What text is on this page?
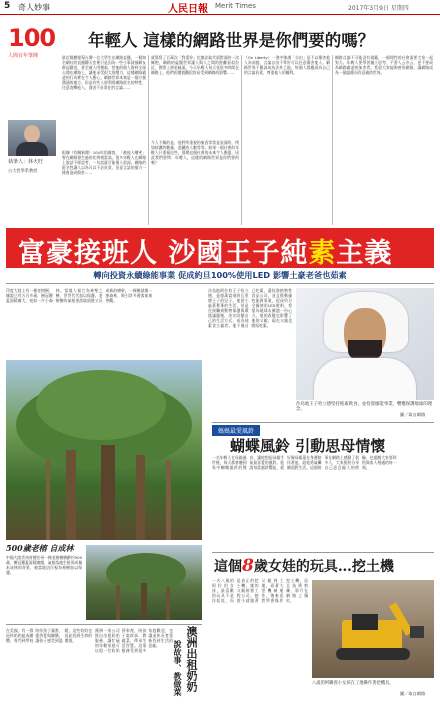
5 奇人妙事	人民日報 Merit Times	2017年3月9日 星期四
100
人間百年筆陣
年輕人 這樣的網路世界是你們要的嗎？
執筆人：林火旺
台大哲學系教授
最近媒體報導台灣一位大學生在網路直播，一個知名網紅的直播聊天室裡只是因為一些小事就被網友群起圍攻，甚至被人肉搜索，把他的個人資料全部公開在網路上，讓他承受很大的壓力，這種網路霸凌的行為實在令人擔心。網路世界本來是一個方便溝通的地方，但是有些人卻利用網路匿名的特性，任意攻擊他人，發表不負責任的言論……
根據（有關新聞）104年的調查，「被他人嘲笑」曾在網路發生過的比例相當高，很多年輕人在網路上說話不經思考，一句話就可能傷人很深。網路的匿名性讓人以為可以不必負責，但是言語的暴力一樣會造成傷害……
就算寫了百萬次「我愛你」也無法取代面對面的一次擁抱，網路的虛擬世界讓人與人之間的距離看似拉近，實際上卻更疏遠。今天年輕人每天花很多時間在網路上，他們的價值觀很容易受到網路的影響……
今人不解的是，他們所重視的東西常常是表面的，例如按讚的數量、追蹤的人數等等。如果一個社會的年輕人只重視這些，那麼這個社會的未來令人擔憂。因此我們要問：年輕人，這樣的網路世界是你們要的嗎？
（On Liberty）一書中強調「自由」是不以傷害他人為前提，言論自由不等於可以任意傷害他人。網路世界不應該成為法外之地，每個人都應該為自己的言論負責，尊重他人的權利。
網路言論不可能沒有規範，一個理性的社會需要大家一起努力。年輕人要學習獨立思考，不要人云亦云，更不要成為網路霸凌的加害者。希望大家能夠善用網路，讓網路成為一個溫暖而有意義的世界。
富豪接班人 沙國王子純素主義
轉向投資永續綠能事業 促成約旦100%使用LED 影響土豪老爸也茹素
印度大陸上有一棵老榕樹，據說已有五百多歲，樹冠覆蓋面積廣大，宛如一片小森林。當地人視它為神聖之樹，世世代代加以保護。老榕樹的氣根垂落地面後又長成新的樹幹，一棵樹就像一座森林，吸引許多遊客前來參觀。
500歲老榕 自成林
中國大陸雲南省德宏州一棵老榕樹樹齡約500歲，樹冠覆蓋面積廣闊，氣根落地生根形成獨木成林的奇景，被當地居民視為神樹加以保護。
在美國，有一群退休奶奶組成團體，專門到學校陪伴孩子讀書，提供愛與關懷，讓孩子感受到溫暖，這些奶奶也因此找到生命的價值。
澳洲一家公司推出出租奶奶服務，讓忙碌的年輕家庭可以租一位奶奶到家裡，陪孩子說故事、教做菜，傳承生活智慧。這項服務受到很多家庭歡迎，也讓退休長者重新找到生活的意義。	澳洲出租奶奶
說故事、教做菜
沙烏地阿拉伯王子哈立德，是億萬富豪阿瓦里德王子的兒子。他從小過著奢華的生活，但是在接觸到動物保護與環境議題後，決定改變自己的生活方式，成為純素食主義者。他不僅自己吃素，還投資植物性食品公司，並且推動綠色能源事業，促成約旦全國使用LED照明，希望為地球永續盡一份心力。他的改變也影響了他的父親，現在父親也開始吃素。
沙烏地王子哈立德堅持純素飲食，並投資綠能事業，響應保護地球的理念。
圖／取自網路
媽媽最愛風鈴
蝴蝶風鈴 引動思母情懷
一名年輕人在母親過世後，每天都會聽到家中蝴蝶風鈴的聲音，讓他想起母親生前最喜愛的風鈴。他說每當風鈴響起，就好像母親還在身邊陪伴著他，給他勇氣繼續面對生活。這個故事在網路上感動了很多人，大家紛紛分享自己思念親人的經驗，也提醒大家要珍惜與家人相處的每一刻。
這個8歲女娃的玩具…挖土機
一名八歲的阿拉伯女孩，最喜歡的玩具不是洋娃娃，而是真正的挖土機。她的父親經營工程公司，她從小就跟著父親到工地，看著大型機械運作，後來竟然學會操作挖土機，而且技術熟練，影片在網路上爆紅。
八歲的阿聯酋小女孩在工地操作著挖機具。
圖／取自網路
